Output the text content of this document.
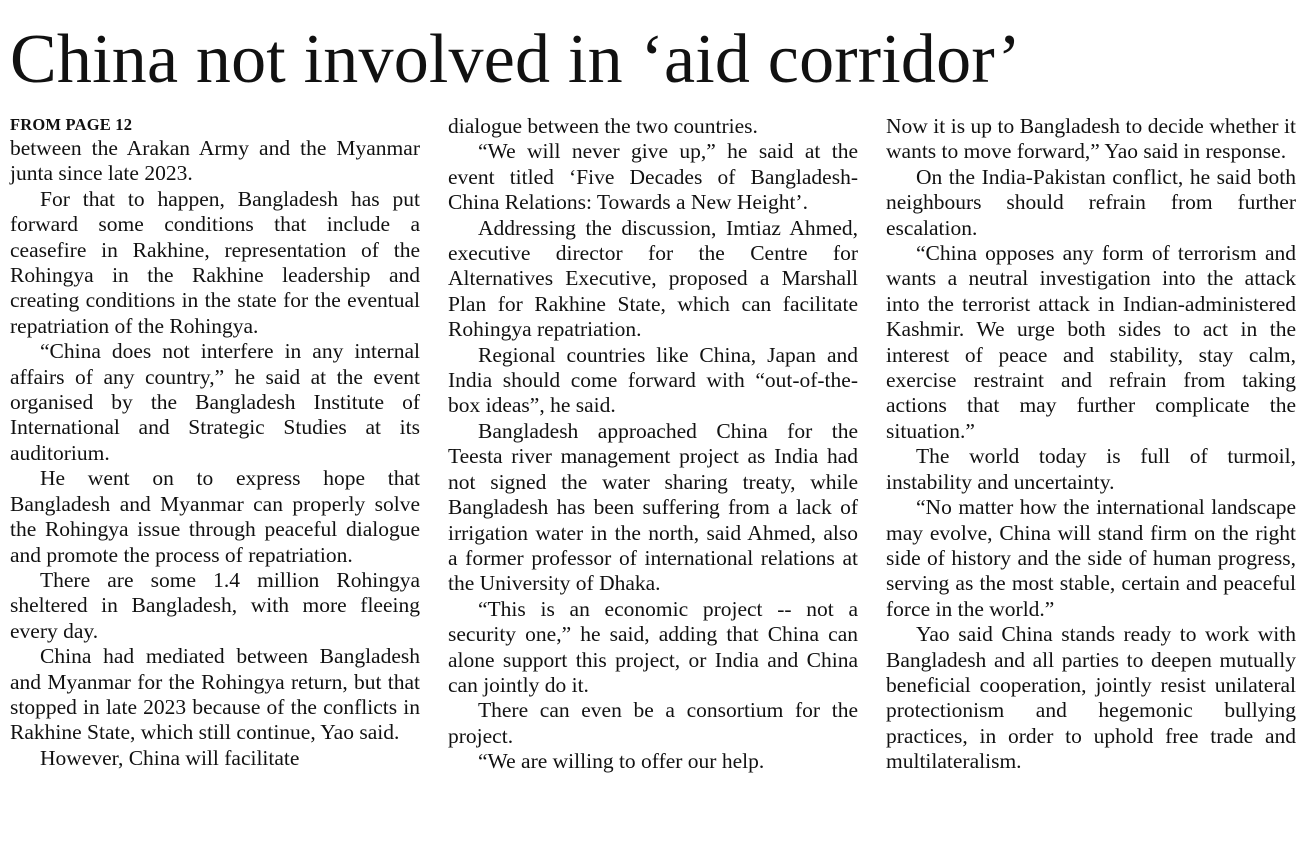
China not involved in ‘aid corridor’
FROM PAGE 12

between the Arakan Army and the Myanmar junta since late 2023.

For that to happen, Bangladesh has put forward some conditions that include a ceasefire in Rakhine, representation of the Rohingya in the Rakhine leadership and creating conditions in the state for the eventual repatriation of the Rohingya.

“China does not interfere in any internal affairs of any country,” he said at the event organised by the Bangladesh Institute of International and Strategic Studies at its auditorium.

He went on to express hope that Bangladesh and Myanmar can properly solve the Rohingya issue through peaceful dialogue and promote the process of repatriation.

There are some 1.4 million Rohingya sheltered in Bangladesh, with more fleeing every day.

China had mediated between Bangladesh and Myanmar for the Rohingya return, but that stopped in late 2023 because of the conflicts in Rakhine State, which still continue, Yao said.

However, China will facilitate

dialogue between the two countries.

“We will never give up,” he said at the event titled ‘Five Decades of Bangladesh-China Relations: Towards a New Height’.

Addressing the discussion, Imtiaz Ahmed, executive director for the Centre for Alternatives Executive, proposed a Marshall Plan for Rakhine State, which can facilitate Rohingya repatriation.

Regional countries like China, Japan and India should come forward with “out-of-the-box ideas”, he said.

Bangladesh approached China for the Teesta river management project as India had not signed the water sharing treaty, while Bangladesh has been suffering from a lack of irrigation water in the north, said Ahmed, also a former professor of international relations at the University of Dhaka.

“This is an economic project -- not a security one,” he said, adding that China can alone support this project, or India and China can jointly do it.

There can even be a consortium for the project.

“We are willing to offer our help.

Now it is up to Bangladesh to decide whether it wants to move forward,” Yao said in response.

On the India-Pakistan conflict, he said both neighbours should refrain from further escalation.

“China opposes any form of terrorism and wants a neutral investigation into the attack into the terrorist attack in Indian-administered Kashmir. We urge both sides to act in the interest of peace and stability, stay calm, exercise restraint and refrain from taking actions that may further complicate the situation.”

The world today is full of turmoil, instability and uncertainty.

“No matter how the international landscape may evolve, China will stand firm on the right side of history and the side of human progress, serving as the most stable, certain and peaceful force in the world.”

Yao said China stands ready to work with Bangladesh and all parties to deepen mutually beneficial cooperation, jointly resist unilateral protectionism and hegemonic bullying practices, in order to uphold free trade and multilateralism.
